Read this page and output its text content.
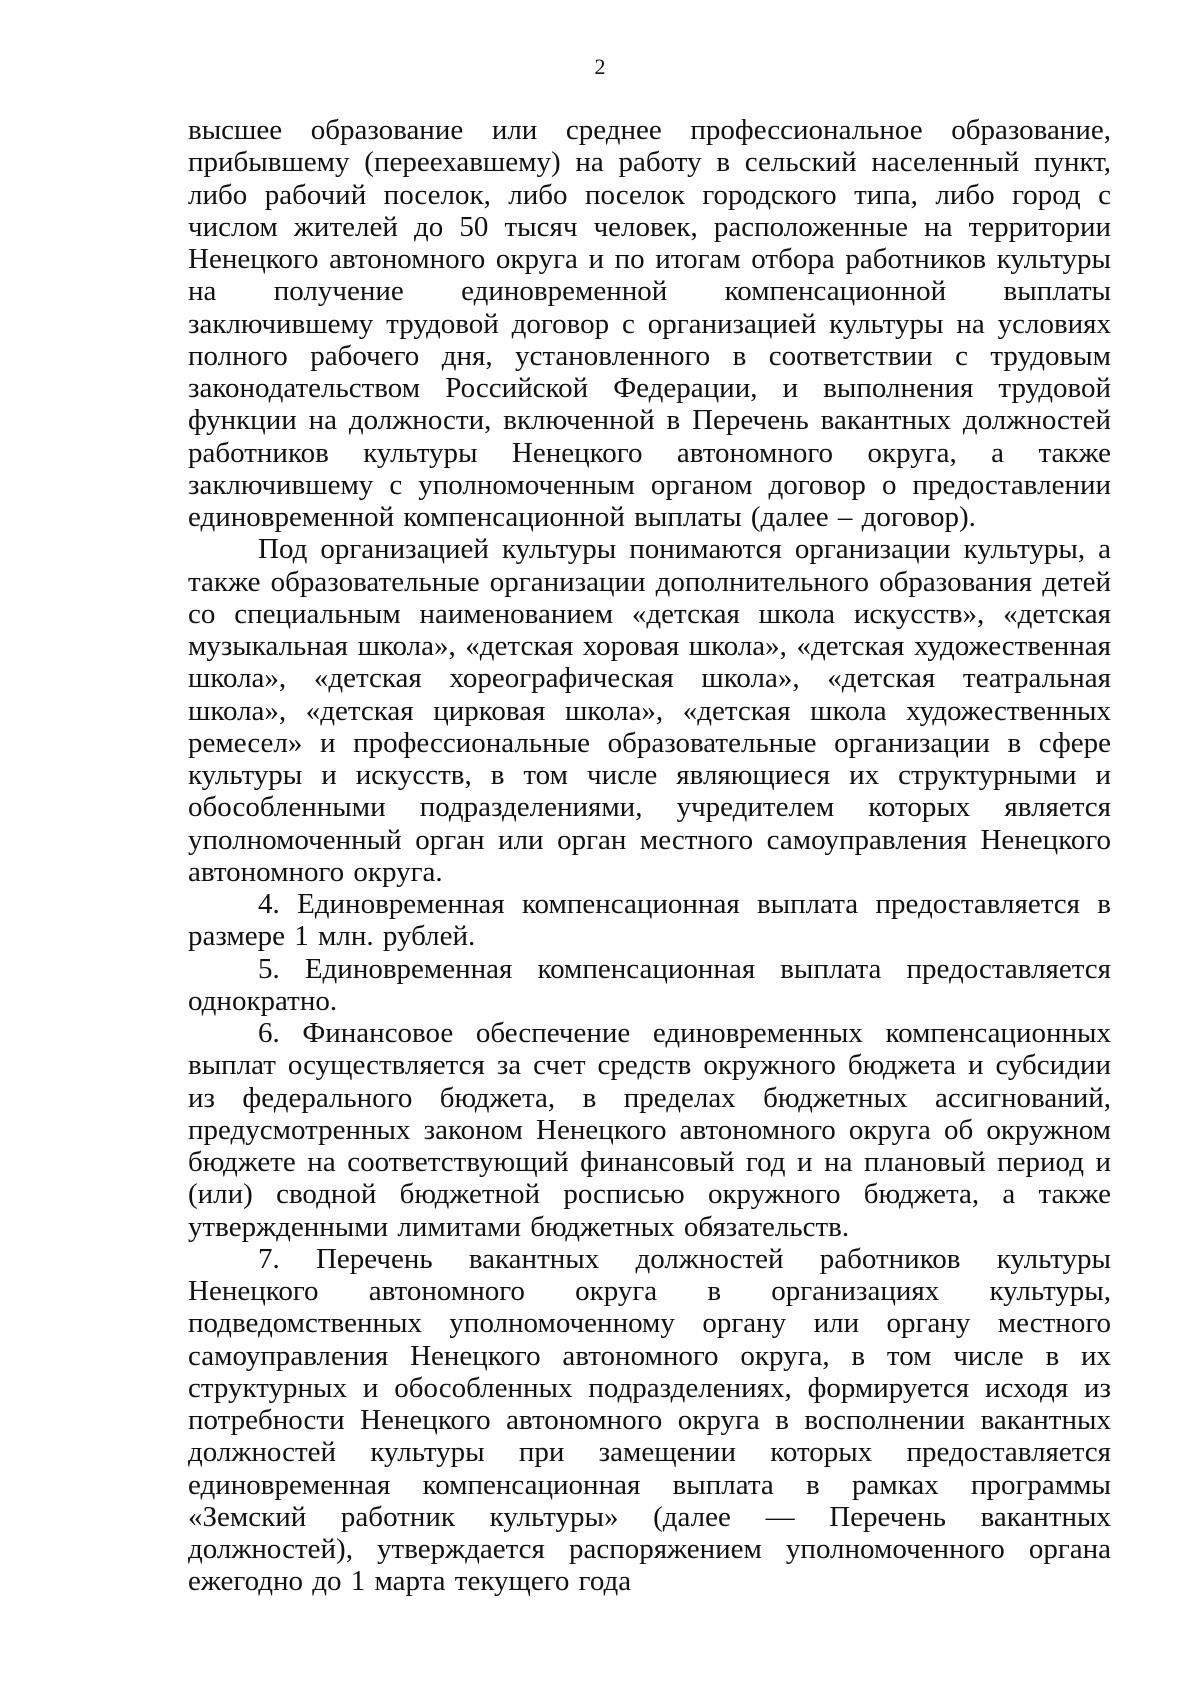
2

высшее образование или среднее профессиональное образование, прибывшему (переехавшему) на работу в сельский населенный пункт, либо рабочий поселок, либо поселок городского типа, либо город с числом жителей до 50 тысяч человек, расположенные на территории Ненецкого автономного округа и по итогам отбора работников культуры на получение единовременной компенсационной выплаты заключившему трудовой договор с организацией культуры на условиях полного рабочего дня, установленного в соответствии с трудовым законодательством Российской Федерации, и выполнения трудовой функции на должности, включенной в Перечень вакантных должностей работников культуры Ненецкого автономного округа, а также заключившему с уполномоченным органом договор о предоставлении единовременной компенсационной выплаты (далее – договор).

Под организацией культуры понимаются организации культуры, а также образовательные организации дополнительного образования детей со специальным наименованием «детская школа искусств», «детская музыкальная школа», «детская хоровая школа», «детская художественная школа», «детская хореографическая школа», «детская театральная школа», «детская цирковая школа», «детская школа художественных ремесел» и профессиональные образовательные организации в сфере культуры и искусств, в том числе являющиеся их структурными и обособленными подразделениями, учредителем которых является уполномоченный орган или орган местного самоуправления Ненецкого автономного округа.

4. Единовременная компенсационная выплата предоставляется в размере 1 млн. рублей.

5. Единовременная компенсационная выплата предоставляется однократно.

6. Финансовое обеспечение единовременных компенсационных выплат осуществляется за счет средств окружного бюджета и субсидии из федерального бюджета, в пределах бюджетных ассигнований, предусмотренных законом Ненецкого автономного округа об окружном бюджете на соответствующий финансовый год и на плановый период и (или) сводной бюджетной росписью окружного бюджета, а также утвержденными лимитами бюджетных обязательств.

7. Перечень вакантных должностей работников культуры Ненецкого автономного округа в организациях культуры, подведомственных уполномоченному органу или органу местного самоуправления Ненецкого автономного округа, в том числе в их структурных и обособленных подразделениях, формируется исходя из потребности Ненецкого автономного округа в восполнении вакантных должностей культуры при замещении которых предоставляется единовременная компенсационная выплата в рамках программы «Земский работник культуры» (далее — Перечень вакантных должностей), утверждается распоряжением уполномоченного органа ежегодно до 1 марта текущего года
